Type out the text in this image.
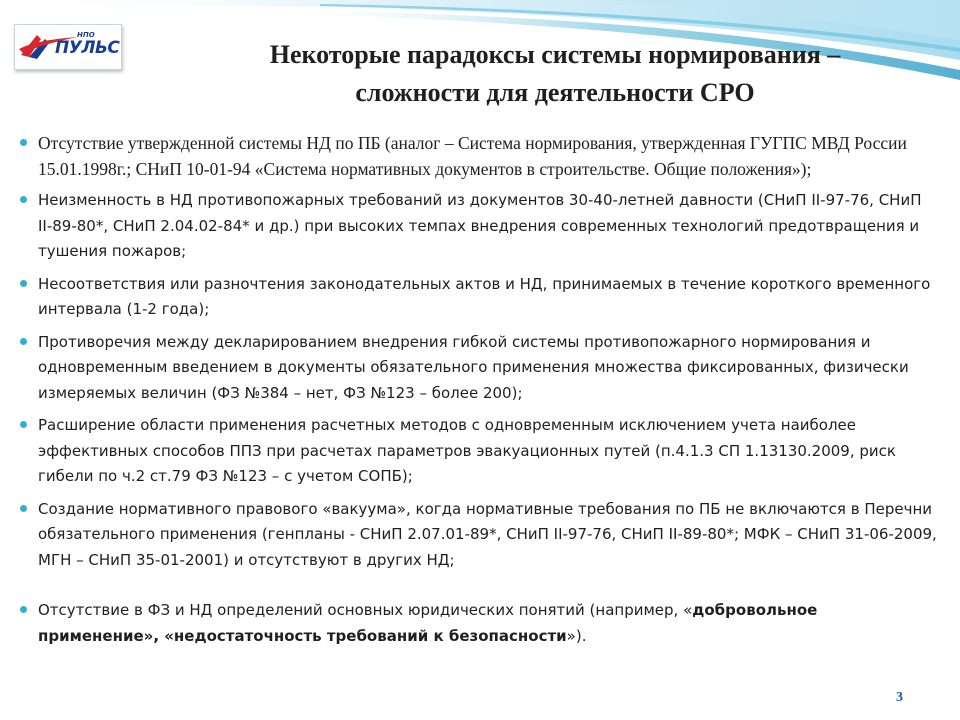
НПО
ПУЛЬС	Некоторые парадоксы системы нормирования –
сложности для деятельности СРО
Отсутствие утвержденной системы НД по ПБ (аналог – Система нормирования, утвержденная ГУГПС МВД России 15.01.1998г.; СНиП 10-01-94 «Система нормативных документов в строительстве. Общие положения»);
Неизменность в НД противопожарных требований из документов 30-40-летней давности (СНиП II-97-76, СНиП II-89-80*, СНиП 2.04.02-84* и др.) при высоких темпах внедрения современных технологий предотвращения и тушения пожаров;
Несоответствия или разночтения законодательных актов и НД, принимаемых в течение короткого временного интервала (1-2 года);
Противоречия между декларированием внедрения гибкой системы противопожарного нормирования и одновременным введением в документы обязательного применения множества фиксированных, физически измеряемых величин (ФЗ №384 – нет, ФЗ №123 – более 200);
Расширение области применения расчетных методов с одновременным исключением учета наиболее эффективных способов ППЗ при расчетах параметров эвакуационных путей (п.4.1.3 СП 1.13130.2009, риск гибели по ч.2 ст.79 ФЗ №123 – с учетом СОПБ);
Создание нормативного правового «вакуума», когда нормативные требования по ПБ не включаются в Перечни обязательного применения (генпланы - СНиП 2.07.01-89*, СНиП II-97-76, СНиП II-89-80*; МФК – СНиП 31-06-2009, МГН – СНиП 35-01-2001) и отсутствуют в других НД;
Отсутствие в ФЗ и НД определений основных юридических понятий (например, «добровольное применение», «недостаточность требований к безопасности»).
3
